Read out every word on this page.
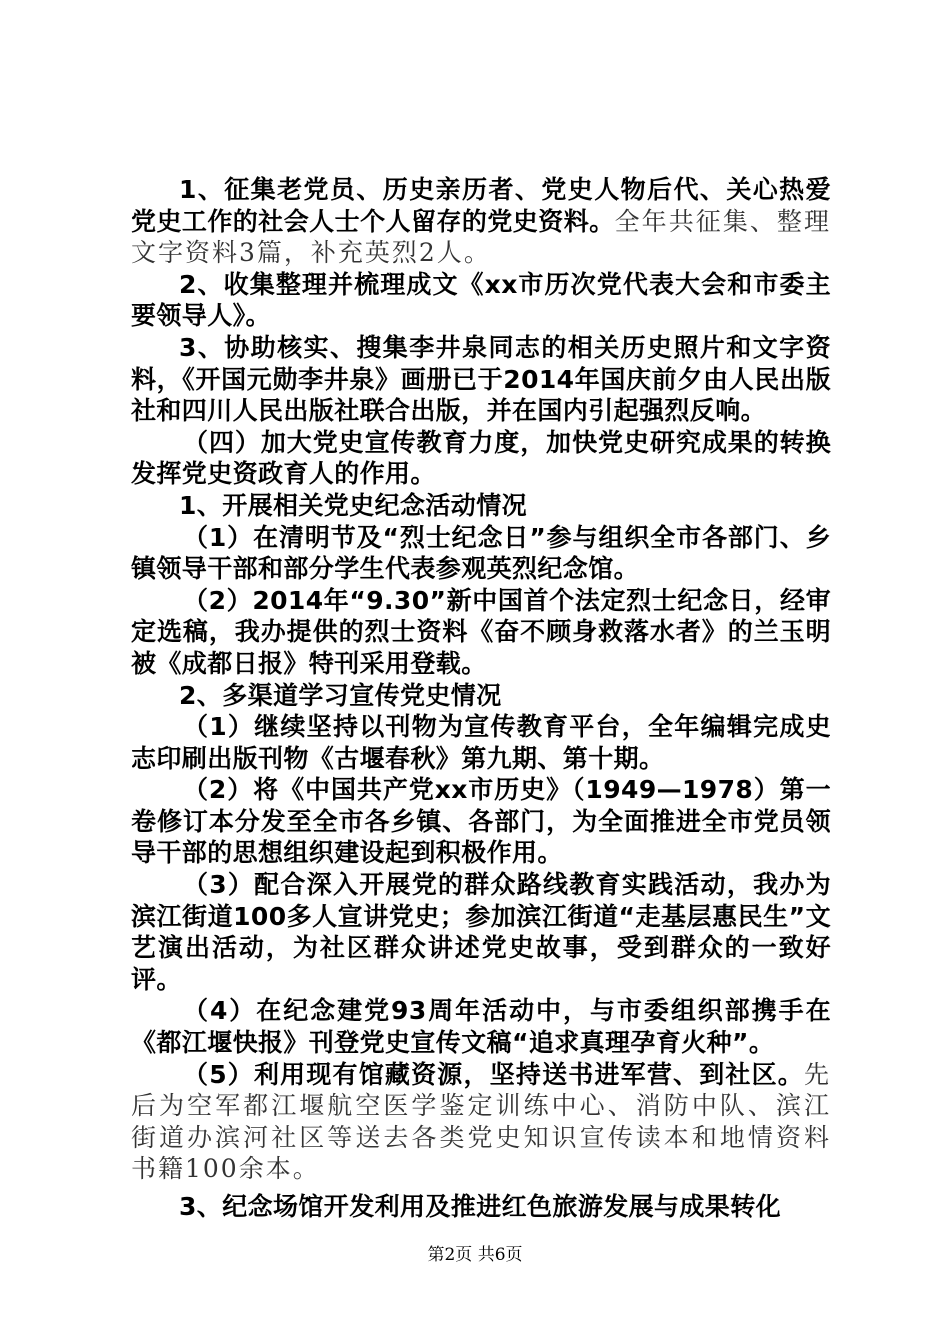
1、征集老党员、历史亲历者、党史人物后代、关心热爱党史工作的社会人士个人留存的党史资料。全年共征集、整理文字资料3篇，补充英烈2人。

2、收集整理并梳理成文《xx市历次党代表大会和市委主要领导人》。

3、协助核实、搜集李井泉同志的相关历史照片和文字资料，《开国元勋李井泉》画册已于2014年国庆前夕由人民出版社和四川人民出版社联合出版，并在国内引起强烈反响。

（四）加大党史宣传教育力度，加快党史研究成果的转换发挥党史资政育人的作用。

1、开展相关党史纪念活动情况

（1）在清明节及“烈士纪念日”参与组织全市各部门、乡镇领导干部和部分学生代表参观英烈纪念馆。

（2）2014年“9.30”新中国首个法定烈士纪念日，经审定选稿，我办提供的烈士资料《奋不顾身救落水者》的兰玉明被《成都日报》特刊采用登载。

2、多渠道学习宣传党史情况

（1）继续坚持以刊物为宣传教育平台，全年编辑完成史志印刷出版刊物《古堰春秋》第九期、第十期。

（2）将《中国共产党xx市历史》（1949—1978）第一卷修订本分发至全市各乡镇、各部门，为全面推进全市党员领导干部的思想组织建设起到积极作用。

（3）配合深入开展党的群众路线教育实践活动，我办为滨江街道100多人宣讲党史；参加滨江街道“走基层惠民生”文艺演出活动，为社区群众讲述党史故事，受到群众的一致好评。

（4）在纪念建党93周年活动中，与市委组织部携手在《都江堰快报》刊登党史宣传文稿“追求真理孕育火种”。

（5）利用现有馆藏资源，坚持送书进军营、到社区。先后为空军都江堰航空医学鉴定训练中心、消防中队、滨江街道办滨河社区等送去各类党史知识宣传读本和地情资料书籍100余本。

3、纪念场馆开发利用及推进红色旅游发展与成果转化

第2页 共6页
